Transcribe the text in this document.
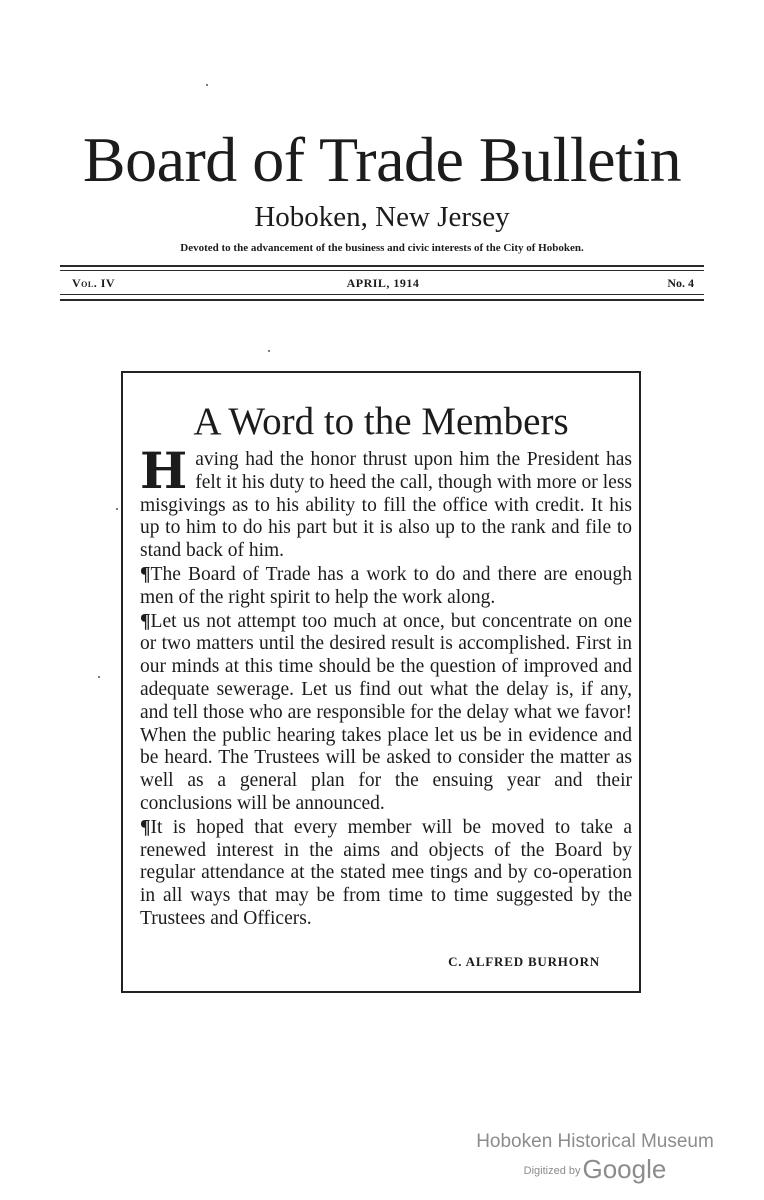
Board of Trade Bulletin
Hoboken, New Jersey
Devoted to the advancement of the business and civic interests of the City of Hoboken.
Vol. IV	APRIL, 1914	No. 4
A Word to the Members

Having had the honor thrust upon him the President has felt it his duty to heed the call, though with more or less misgivings as to his ability to fill the office with credit. It his up to him to do his part but it is also up to the rank and file to stand back of him.

¶The Board of Trade has a work to do and there are enough men of the right spirit to help the work along.

¶Let us not attempt too much at once, but concentrate on one or two matters until the desired result is accomplished. First in our minds at this time should be the question of improved and adequate sewerage. Let us find out what the delay is, if any, and tell those who are responsible for the delay what we favor! When the public hearing takes place let us be in evidence and be heard. The Trustees will be asked to consider the matter as well as a general plan for the ensuing year and their conclusions will be announced.

¶It is hoped that every member will be moved to take a renewed interest in the aims and objects of the Board by regular attendance at the stated mee tings and by co-operation in all ways that may be from time to time suggested by the Trustees and Officers.

C. ALFRED BURHORN
Hoboken Historical Museum
Digitized byGoogle
